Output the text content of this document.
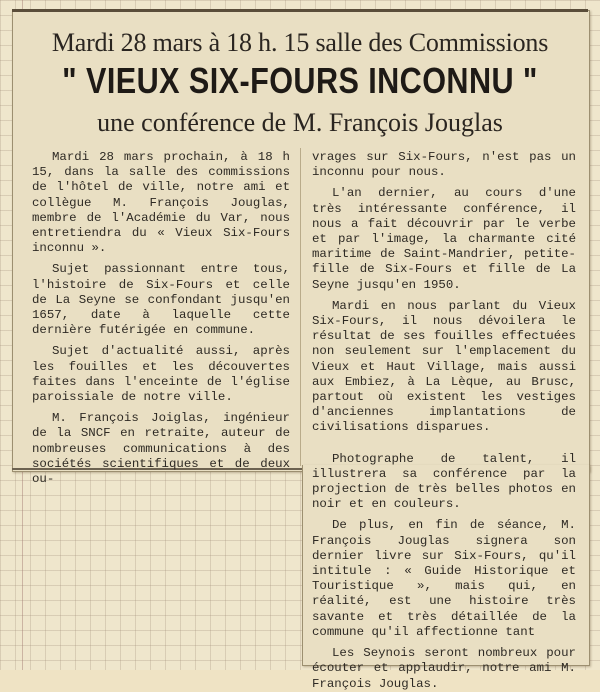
Mardi 28 mars à 18 h. 15 salle des Commissions
" VIEUX SIX-FOURS INCONNU "
une conférence de M. François Jouglas

Mardi 28 mars prochain, à 18 h 15, dans la salle des commissions de l'hôtel de ville, notre ami et collègue M. François Jouglas, membre de l'Académie du Var, nous entretiendra du « Vieux Six-Fours inconnu ».

Sujet passionnant entre tous, l'histoire de Six-Fours et celle de La Seyne se confondant jusqu'en 1657, date à laquelle cette dernière futérigée en commune.

Sujet d'actualité aussi, après les fouilles et les découvertes faites dans l'enceinte de l'église paroissiale de notre ville.

M. François Joiglas, ingénieur de la SNCF en retraite, auteur de nombreuses communications à des sociétés scientifiques et de deux ou-

vrages sur Six-Fours, n'est pas un inconnu pour nous.

L'an dernier, au cours d'une très intéressante conférence, il nous a fait découvrir par le verbe et par l'image, la charmante cité maritime de Saint-Mandrier, petite-fille de Six-Fours et fille de La Seyne jusqu'en 1950.

Mardi en nous parlant du Vieux Six-Fours, il nous dévoilera le résultat de ses fouilles effectuées non seulement sur l'emplacement du Vieux et Haut Village, mais aussi aux Embiez, à La Lèque, au Brusc, partout où existent les vestiges d'anciennes implantations de civilisations disparues.

Photographe de talent, il illustrera sa conférence par la projection de très belles photos en noir et en couleurs.

De plus, en fin de séance, M. François Jouglas signera son dernier livre sur Six-Fours, qu'il intitule : « Guide Historique et Touristique », mais qui, en réalité, est une histoire très savante et très détaillée de la commune qu'il affectionne tant

Les Seynois seront nombreux pour écouter et applaudir, notre ami M. François Jouglas.
